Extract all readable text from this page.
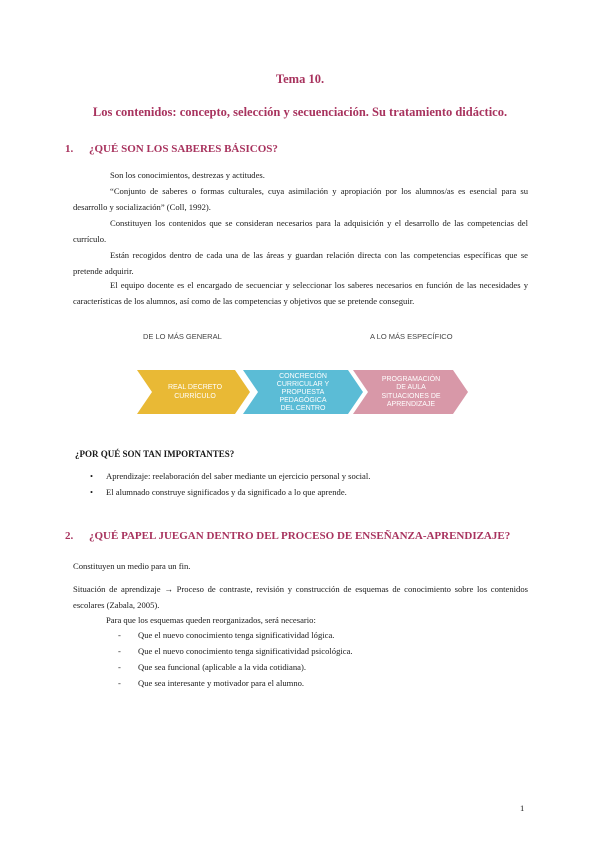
Tema 10.
Los contenidos: concepto, selección y secuenciación. Su tratamiento didáctico.
1. ¿QUÉ SON LOS SABERES BÁSICOS?

Son los conocimientos, destrezas y actitudes.

“Conjunto de saberes o formas culturales, cuya asimilación y apropiación por los alumnos/as es esencial para su desarrollo y socialización” (Coll, 1992).

Constituyen los contenidos que se consideran necesarios para la adquisición y el desarrollo de las competencias del currículo.

Están recogidos dentro de cada una de las áreas y guardan relación directa con las competencias específicas que se pretende adquirir.

El equipo docente es el encargado de secuenciar y seleccionar los saberes necesarios en función de las necesidades y características de los alumnos, así como de las competencias y objetivos que se pretende conseguir.

DE LO MÁS GENERAL	A LO MÁS ESPECÍFICO
REAL DECRETO
CURRÍCULO
CONCRECIÓN
CURRICULAR Y
PROPUESTA
PEDAGÓGICA
DEL CENTRO
PROGRAMACIÓN
DE AULA
SITUACIONES DE
APRENDIZAJE
¿POR QUÉ SON TAN IMPORTANTES?
• Aprendizaje: reelaboración del saber mediante un ejercicio personal y social.
• El alumnado construye significados y da significado a lo que aprende.
2. ¿QUÉ PAPEL JUEGAN DENTRO DEL PROCESO DE ENSEÑANZA-APRENDIZAJE?

Constituyen un medio para un fin.

Situación de aprendizaje → Proceso de contraste, revisión y construcción de esquemas de conocimiento sobre los contenidos escolares (Zabala, 2005).

Para que los esquemas queden reorganizados, será necesario:

- Que el nuevo conocimiento tenga significatividad lógica.
- Que el nuevo conocimiento tenga significatividad psicológica.
- Que sea funcional (aplicable a la vida cotidiana).
- Que sea interesante y motivador para el alumno.
1
